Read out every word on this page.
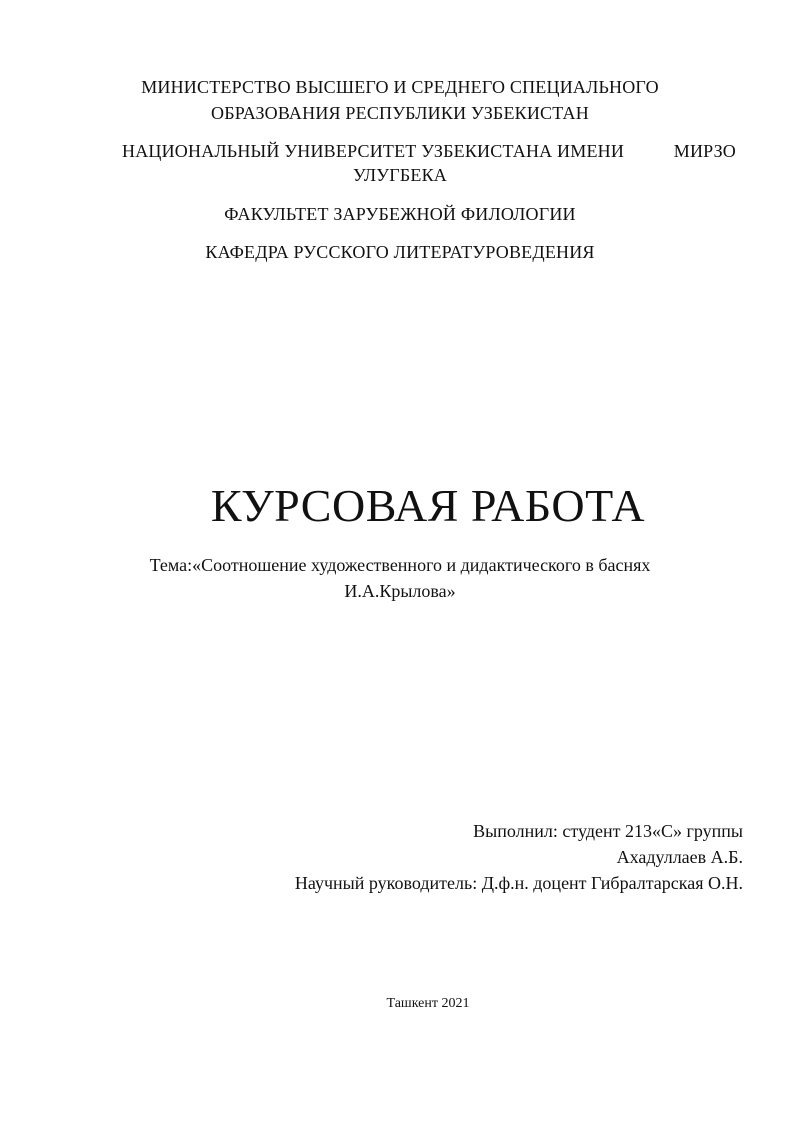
МИНИСТЕРСТВО ВЫСШЕГО И СРЕДНЕГО СПЕЦИАЛЬНОГО
ОБРАЗОВАНИЯ РЕСПУБЛИКИ УЗБЕКИСТАН
НАЦИОНАЛЬНЫЙ УНИВЕРСИТЕТ УЗБЕКИСТАНА ИМЕНИ	МИРЗО
УЛУГБЕКА
ФАКУЛЬТЕТ ЗАРУБЕЖНОЙ ФИЛОЛОГИИ
КАФЕДРА РУССКОГО ЛИТЕРАТУРОВЕДЕНИЯ
КУРСОВАЯ РАБОТА
Тема:«Соотношение художественного и дидактического в баснях
И.А.Крылова»
Выполнил: студент 213«С» группы
Ахадуллаев А.Б.
Научный руководитель: Д.ф.н. доцент Гибралтарская О.Н.
Ташкент 2021
